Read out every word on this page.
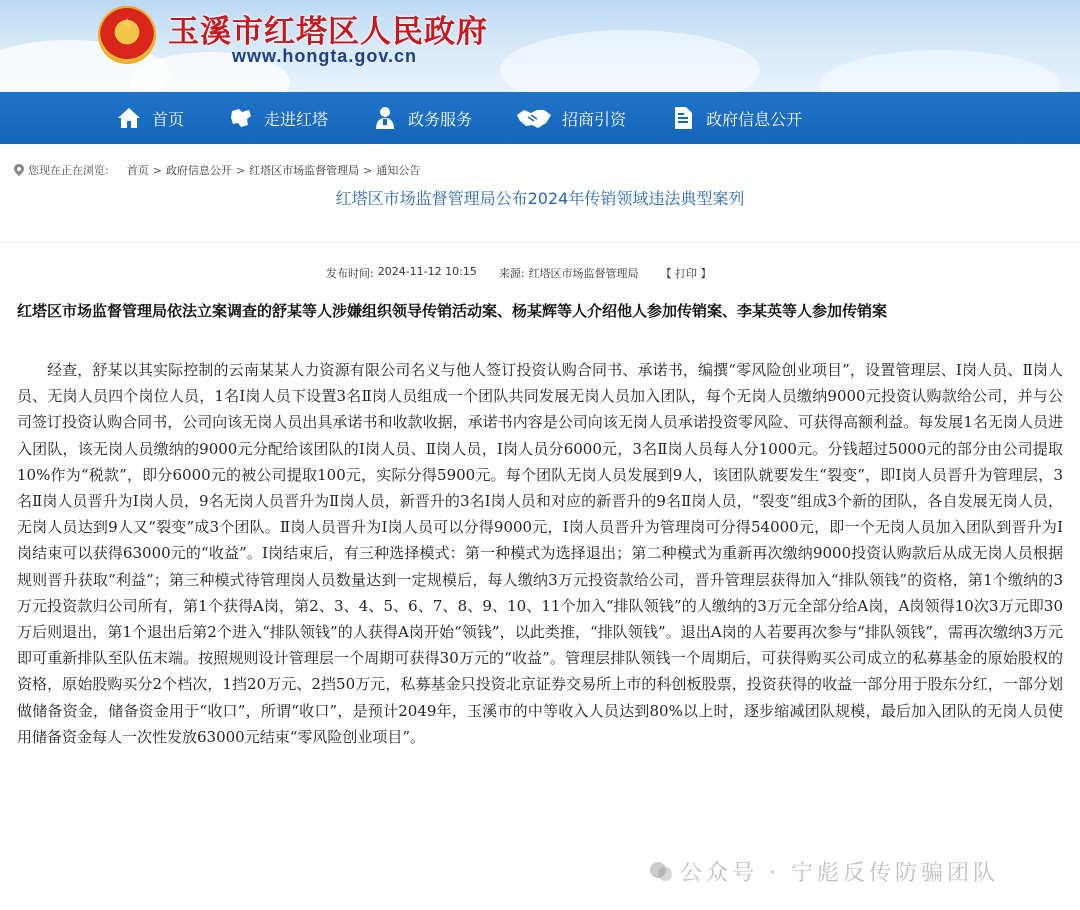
★	玉溪市红塔区人民政府
www.hongta.gov.cn
首页	走进红塔	政务服务	招商引资	政府信息公开
您现在正在浏览: 首页 > 政府信息公开 > 红塔区市场监督管理局 > 通知公告
红塔区市场监督管理局公布2024年传销领域违法典型案列
发布时间: 2024-11-12 10:15 来源: 红塔区市场监督管理局 【 打印 】
红塔区市场监督管理局依法立案调查的舒某等人涉嫌组织领导传销活动案、杨某辉等人介绍他人参加传销案、李某英等人参加传销案
经查，舒某以其实际控制的云南某某人力资源有限公司名义与他人签订投资认购合同书、承诺书，编撰“零风险创业项目”，设置管理层、Ⅰ岗人员、Ⅱ岗人员、无岗人员四个岗位人员，1名Ⅰ岗人员下设置3名Ⅱ岗人员组成一个团队共同发展无岗人员加入团队，每个无岗人员缴纳9000元投资认购款给公司，并与公司签订投资认购合同书，公司向该无岗人员出具承诺书和收款收据，承诺书内容是公司向该无岗人员承诺投资零风险、可获得高额利益。每发展1名无岗人员进入团队，该无岗人员缴纳的9000元分配给该团队的Ⅰ岗人员、Ⅱ岗人员，Ⅰ岗人员分6000元，3名Ⅱ岗人员每人分1000元。分钱超过5000元的部分由公司提取10%作为“税款”，即分6000元的被公司提取100元，实际分得5900元。每个团队无岗人员发展到9人，该团队就要发生“裂变”，即Ⅰ岗人员晋升为管理层，3名Ⅱ岗人员晋升为Ⅰ岗人员，9名无岗人员晋升为Ⅱ岗人员，新晋升的3名Ⅰ岗人员和对应的新晋升的9名Ⅱ岗人员，“裂变”组成3个新的团队，各自发展无岗人员，无岗人员达到9人又“裂变”成3个团队。Ⅱ岗人员晋升为Ⅰ岗人员可以分得9000元，Ⅰ岗人员晋升为管理岗可分得54000元，即一个无岗人员加入团队到晋升为Ⅰ岗结束可以获得63000元的“收益”。Ⅰ岗结束后，有三种选择模式：第一种模式为选择退出；第二种模式为重新再次缴纳9000投资认购款后从成无岗人员根据规则晋升获取“利益”；第三种模式待管理岗人员数量达到一定规模后，每人缴纳3万元投资款给公司，晋升管理层获得加入“排队领钱”的资格，第1个缴纳的3万元投资款归公司所有，第1个获得A岗，第2、3、4、5、6、7、8、9、10、11个加入“排队领钱”的人缴纳的3万元全部分给A岗，A岗领得10次3万元即30万后则退出，第1个退出后第2个进入“排队领钱”的人获得A岗开始“领钱”，以此类推，“排队领钱”。退出A岗的人若要再次参与“排队领钱”，需再次缴纳3万元即可重新排队至队伍末端。按照规则设计管理层一个周期可获得30万元的“收益”。管理层排队领钱一个周期后，可获得购买公司成立的私募基金的原始股权的资格，原始股购买分2个档次，1挡20万元、2挡50万元，私募基金只投资北京证券交易所上市的科创板股票，投资获得的收益一部分用于股东分红，一部分划做储备资金，储备资金用于“收口”，所谓“收口”，是预计2049年，玉溪市的中等收入人员达到80%以上时，逐步缩减团队规模，最后加入团队的无岗人员使用储备资金每人一次性发放63000元结束“零风险创业项目”。
公众号 · 宁彪反传防骗团队
